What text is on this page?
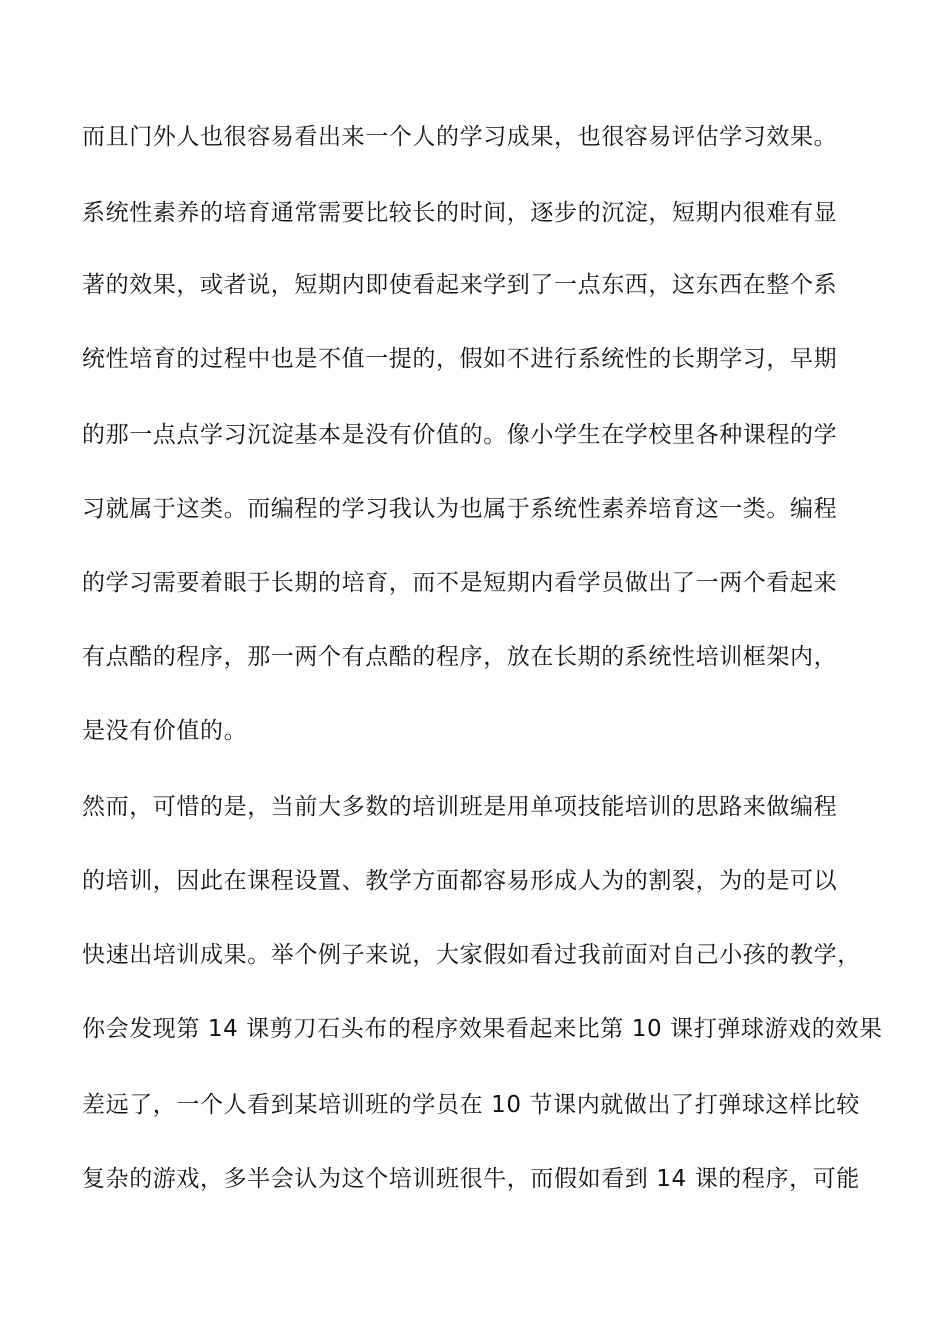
而且门外人也很容易看出来一个人的学习成果，也很容易评估学习效果。
系统性素养的培育通常需要比较长的时间，逐步的沉淀，短期内很难有显
著的效果，或者说，短期内即使看起来学到了一点东西，这东西在整个系
统性培育的过程中也是不值一提的，假如不进行系统性的长期学习，早期
的那一点点学习沉淀基本是没有价值的。像小学生在学校里各种课程的学
习就属于这类。而编程的学习我认为也属于系统性素养培育这一类。编程
的学习需要着眼于长期的培育，而不是短期内看学员做出了一两个看起来
有点酷的程序，那一两个有点酷的程序，放在长期的系统性培训框架内，
是没有价值的。
然而，可惜的是，当前大多数的培训班是用单项技能培训的思路来做编程
的培训，因此在课程设置、教学方面都容易形成人为的割裂，为的是可以
快速出培训成果。举个例子来说，大家假如看过我前面对自己小孩的教学，
你会发现第 14 课剪刀石头布的程序效果看起来比第 10 课打弹球游戏的效果
差远了，一个人看到某培训班的学员在 10 节课内就做出了打弹球这样比较
复杂的游戏，多半会认为这个培训班很牛，而假如看到 14 课的程序，可能
